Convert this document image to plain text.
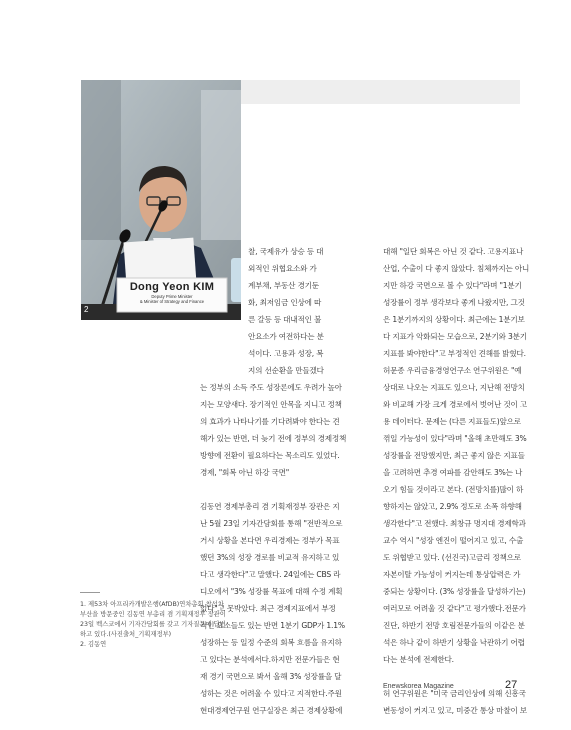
Dong Yeon KIM
Deputy Prime Minister
& Minister of Strategy and Finance
2

찰, 국제유가 상승 등 대

외적인 위협요소와 가

계부채, 부동산 경기둔

화, 최저임금 인상에 따

른 갈등 등 대내적인 불

안요소가 여전하다는 분

석이다. 고용과 성장, 복

지의 선순환을 만들겠다

는 정부의 소득 주도 성장론에도 우려가 높아

지는 모양새다. 장기적인 안목을 지니고 정책

의 효과가 나타나기를 기다려봐야 한다는 견

해가 있는 반면, 더 늦기 전에 정부의 경제정책

방향에 전환이 필요하다는 목소리도 있었다.

경제, "회복 아닌 하강 국면"

김동연 경제부총리 겸 기획재정부 장관은 지

난 5월 23일 기자간담회를 통해 "전반적으로

거시 상황을 본다면 우리경제는 정부가 목표

했던 3%의 성장 경로를 비교적 유지하고 있

다고 생각한다"고 말했다. 24일에는 CBS 라

디오에서 "3% 성장률 목표에 대해 수정 계획

없다"고 못박았다. 최근 경제지표에서 부정

적인 요소들도 있는 반면 1분기 GDP가 1.1%

성장하는 등 일정 수준의 회복 흐름을 유지하

고 있다는 분석에서다.하지만 전문가들은 현

재 경기 국면으로 봐서 올해 3% 성장률을 달

성하는 것은 어려울 수 있다고 지적한다.주원

현대경제연구원 연구실장은 최근 경제상황에

대해 "일단 회복은 아닌 것 같다. 고용지표나

산업, 수출이 다 좋지 않았다. 침체까지는 아니

지만 하강 국면으로 볼 수 있다"라며 "1분기

성장률이 정부 생각보다 좋게 나왔지만, 그것

은 1분기까지의 상황이다. 최근에는 1분기보

다 지표가 악화되는 모습으로, 2분기와 3분기

지표를 봐야한다"고 부정적인 견해를 밝혔다.

허문종 우리금융경영연구소 연구위원은 "예

상대로 나오는 지표도 있으나, 지난해 전망치

와 비교해 가장 크게 경로에서 벗어난 것이 고

용 데이터다. 문제는 (다른 지표들도)앞으로

꺾일 가능성이 있다"라며 "올해 초만해도 3%

성장률을 전망했지만, 최근 좋지 않은 지표들

을 고려하면 추경 여파를 감안해도 3%는 나

오기 힘들 것이라고 본다. (전망치를)많이 하

향하지는 않았고, 2.9% 정도로 소폭 하향해

생각한다"고 전했다. 최창규 명지대 경제학과

교수 역시 "성장 엔진이 떨어지고 있고, 수출

도 위협받고 있다. (선진국)고금리 정책으로

자본이탈 가능성이 커지는데 통상압력은 가

중되는 상황이다. (3% 성장률을 달성하기는)

여러모로 어려울 것 같다"고 평가했다.전문가

진단, 하반기 전망 호림전문가들의 이같은 분

석은 하나 같이 하반기 상황을 낙관하기 어렵

다는 분석에 전제한다.

허 연구위원은 "미국 금리인상에 의해 신흥국

변동성이 커지고 있고, 미중간 통상 마찰이 보

1. 제53차 아프리카개발은행(AfDB)연차총회 참석차

부산을 방문중인 김동연 부총리 겸 기획재정부 장관이

23일 벡스코에서 기자간담회를 갖고 기자질문에 답변

하고 있다.(사진출처_기획재정부)

2. 김동연

Enewskorea Magazine	27
